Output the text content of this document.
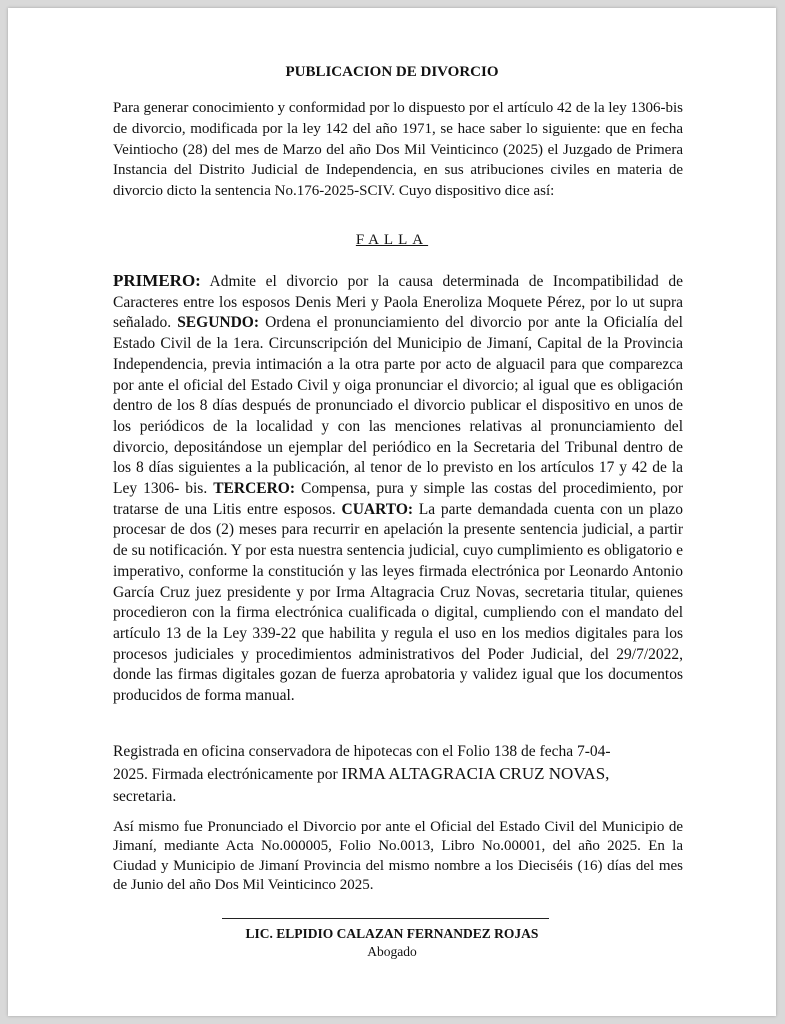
PUBLICACION DE DIVORCIO
Para generar conocimiento y conformidad por lo dispuesto por el artículo 42 de la ley 1306-bis de divorcio, modificada por la ley 142 del año 1971, se hace saber lo siguiente: que en fecha Veintiocho (28) del mes de Marzo del año Dos Mil Veinticinco (2025) el Juzgado de Primera Instancia del Distrito Judicial de Independencia, en sus atribuciones civiles en materia de divorcio dicto la sentencia No.176-2025-SCIV. Cuyo dispositivo dice así:
FALLA
PRIMERO: Admite el divorcio por la causa determinada de Incompatibilidad de Caracteres entre los esposos Denis Meri y Paola Eneroliza Moquete Pérez, por lo ut supra señalado. SEGUNDO: Ordena el pronunciamiento del divorcio por ante la Oficialía del Estado Civil de la 1era. Circunscripción del Municipio de Jimaní, Capital de la Provincia Independencia, previa intimación a la otra parte por acto de alguacil para que comparezca por ante el oficial del Estado Civil y oiga pronunciar el divorcio; al igual que es obligación dentro de los 8 días después de pronunciado el divorcio publicar el dispositivo en unos de los periódicos de la localidad y con las menciones relativas al pronunciamiento del divorcio, depositándose un ejemplar del periódico en la Secretaria del Tribunal dentro de los 8 días siguientes a la publicación, al tenor de lo previsto en los artículos 17 y 42 de la Ley 1306- bis. TERCERO: Compensa, pura y simple las costas del procedimiento, por tratarse de una Litis entre esposos. CUARTO: La parte demandada cuenta con un plazo procesar de dos (2) meses para recurrir en apelación la presente sentencia judicial, a partir de su notificación. Y por esta nuestra sentencia judicial, cuyo cumplimiento es obligatorio e imperativo, conforme la constitución y las leyes firmada electrónica por Leonardo Antonio García Cruz juez presidente y por Irma Altagracia Cruz Novas, secretaria titular, quienes procedieron con la firma electrónica cualificada o digital, cumpliendo con el mandato del artículo 13 de la Ley 339-22 que habilita y regula el uso en los medios digitales para los procesos judiciales y procedimientos administrativos del Poder Judicial, del 29/7/2022, donde las firmas digitales gozan de fuerza aprobatoria y validez igual que los documentos producidos de forma manual.
Registrada en oficina conservadora de hipotecas con el Folio 138 de fecha 7-04-
2025. Firmada electrónicamente por IRMA ALTAGRACIA CRUZ NOVAS,
secretaria.
Así mismo fue Pronunciado el Divorcio por ante el Oficial del Estado Civil del Municipio de Jimaní, mediante Acta No.000005, Folio No.0013, Libro No.00001, del año 2025. En la Ciudad y Municipio de Jimaní Provincia del mismo nombre a los Dieciséis (16) días del mes de Junio del año Dos Mil Veinticinco 2025.
LIC. ELPIDIO CALAZAN FERNANDEZ ROJAS
Abogado
